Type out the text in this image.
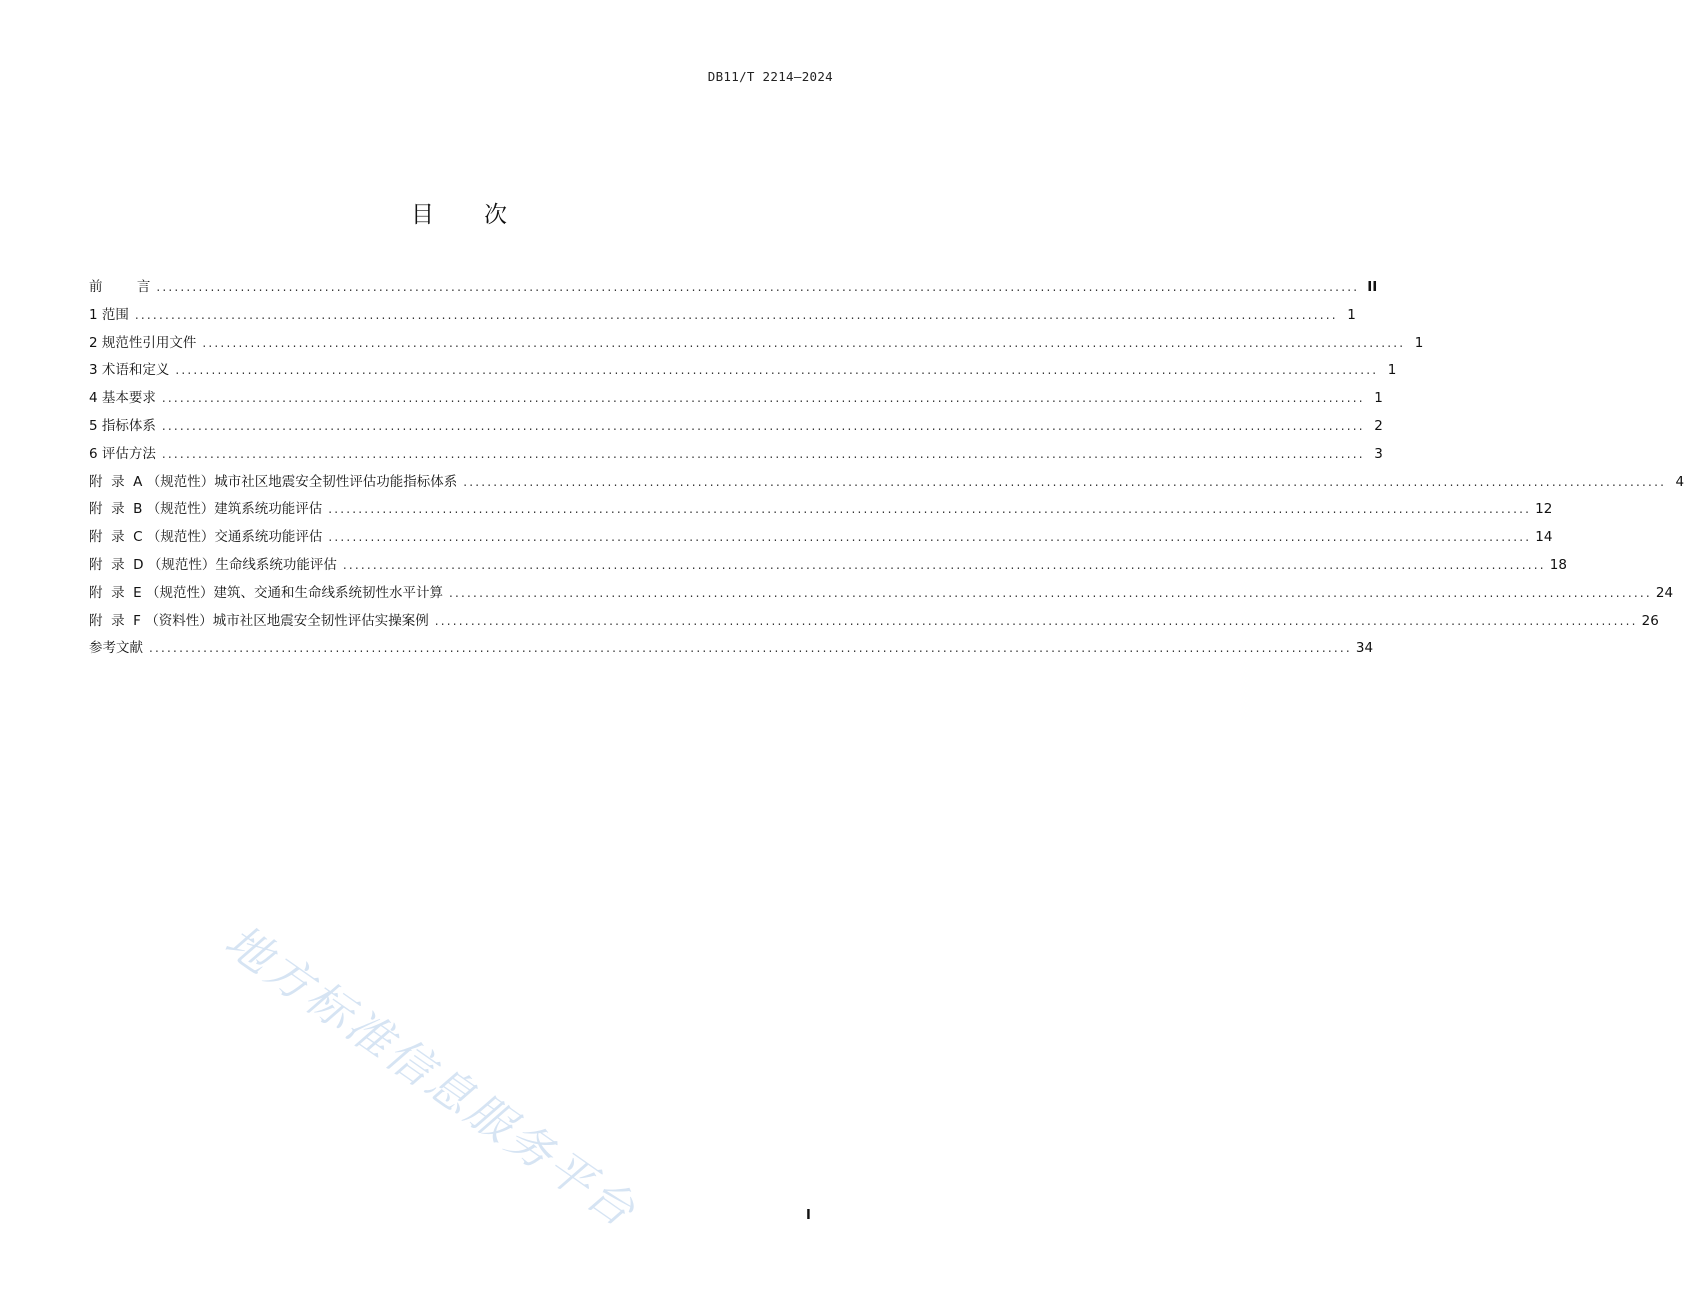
DB11/T 2214—2024
目 次
前        言 ........................................................................................................................................................................................................ II
1 范围 ........................................................................................................................................................................................................ 1
2 规范性引用文件 ........................................................................................................................................................................................................ 1
3 术语和定义 ........................................................................................................................................................................................................ 1
4 基本要求 ........................................................................................................................................................................................................ 1
5 指标体系 ........................................................................................................................................................................................................ 2
6 评估方法 ........................................................................................................................................................................................................ 3
附  录  A （规范性）城市社区地震安全韧性评估功能指标体系 ........................................................................................................................................................................................................ 4
附  录  B （规范性）建筑系统功能评估 ........................................................................................................................................................................................................ 12
附  录  C （规范性）交通系统功能评估 ........................................................................................................................................................................................................ 14
附  录  D （规范性）生命线系统功能评估 ........................................................................................................................................................................................................ 18
附  录  E （规范性）建筑、交通和生命线系统韧性水平计算 ........................................................................................................................................................................................................ 24
附  录  F （资料性）城市社区地震安全韧性评估实操案例 ........................................................................................................................................................................................................ 26
参考文献 ........................................................................................................................................................................................................ 34
地方标准信息服务平台	I
